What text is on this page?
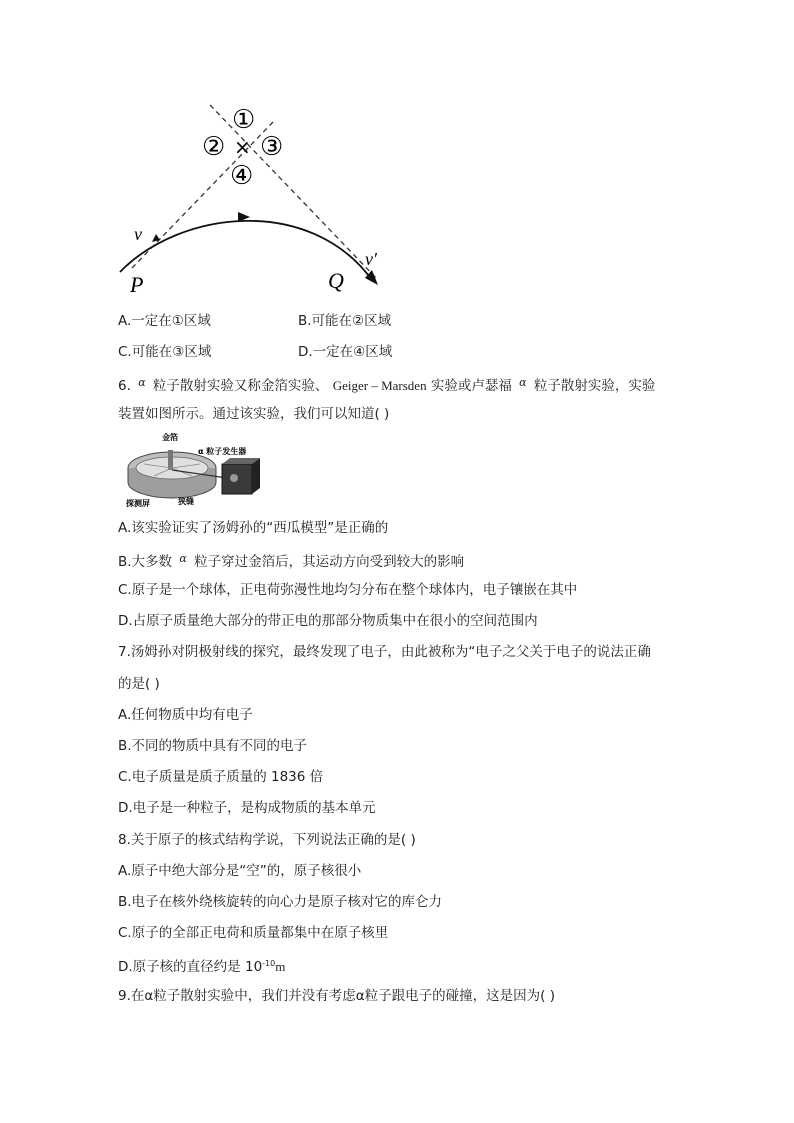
①
② × ③
④
v
v′
P	Q
A.一定在①区域	B.可能在②区域
C.可能在③区域	D.一定在④区域
6. $^\alpha$ 粒子散射实验又称金箔实验、 Geiger – Marsden 实验或卢瑟福 $^\alpha$ 粒子散射实验，实验
装置如图所示。通过该实验，我们可以知道( )
金箔
α 粒子发生器
探测屏	狭缝
A.该实验证实了汤姆孙的“西瓜模型”是正确的
B.大多数 $^\alpha$ 粒子穿过金箔后，其运动方向受到较大的影响
C.原子是一个球体，正电荷弥漫性地均匀分布在整个球体内，电子镶嵌在其中
D.占原子质量绝大部分的带正电的那部分物质集中在很小的空间范围内
7.汤姆孙对阴极射线的探究，最终发现了电子，由此被称为“电子之父关于电子的说法正确
的是( )
A.任何物质中均有电子
B.不同的物质中具有不同的电子
C.电子质量是质子质量的 1836 倍
D.电子是一种粒子，是构成物质的基本单元
8.关于原子的核式结构学说，下列说法正确的是( )
A.原子中绝大部分是“空”的，原子核很小
B.电子在核外绕核旋转的向心力是原子核对它的库仑力
C.原子的全部正电荷和质量都集中在原子核里
D.原子核的直径约是 $10^{-10}m$
9.在α粒子散射实验中，我们并没有考虑α粒子跟电子的碰撞，这是因为( )
